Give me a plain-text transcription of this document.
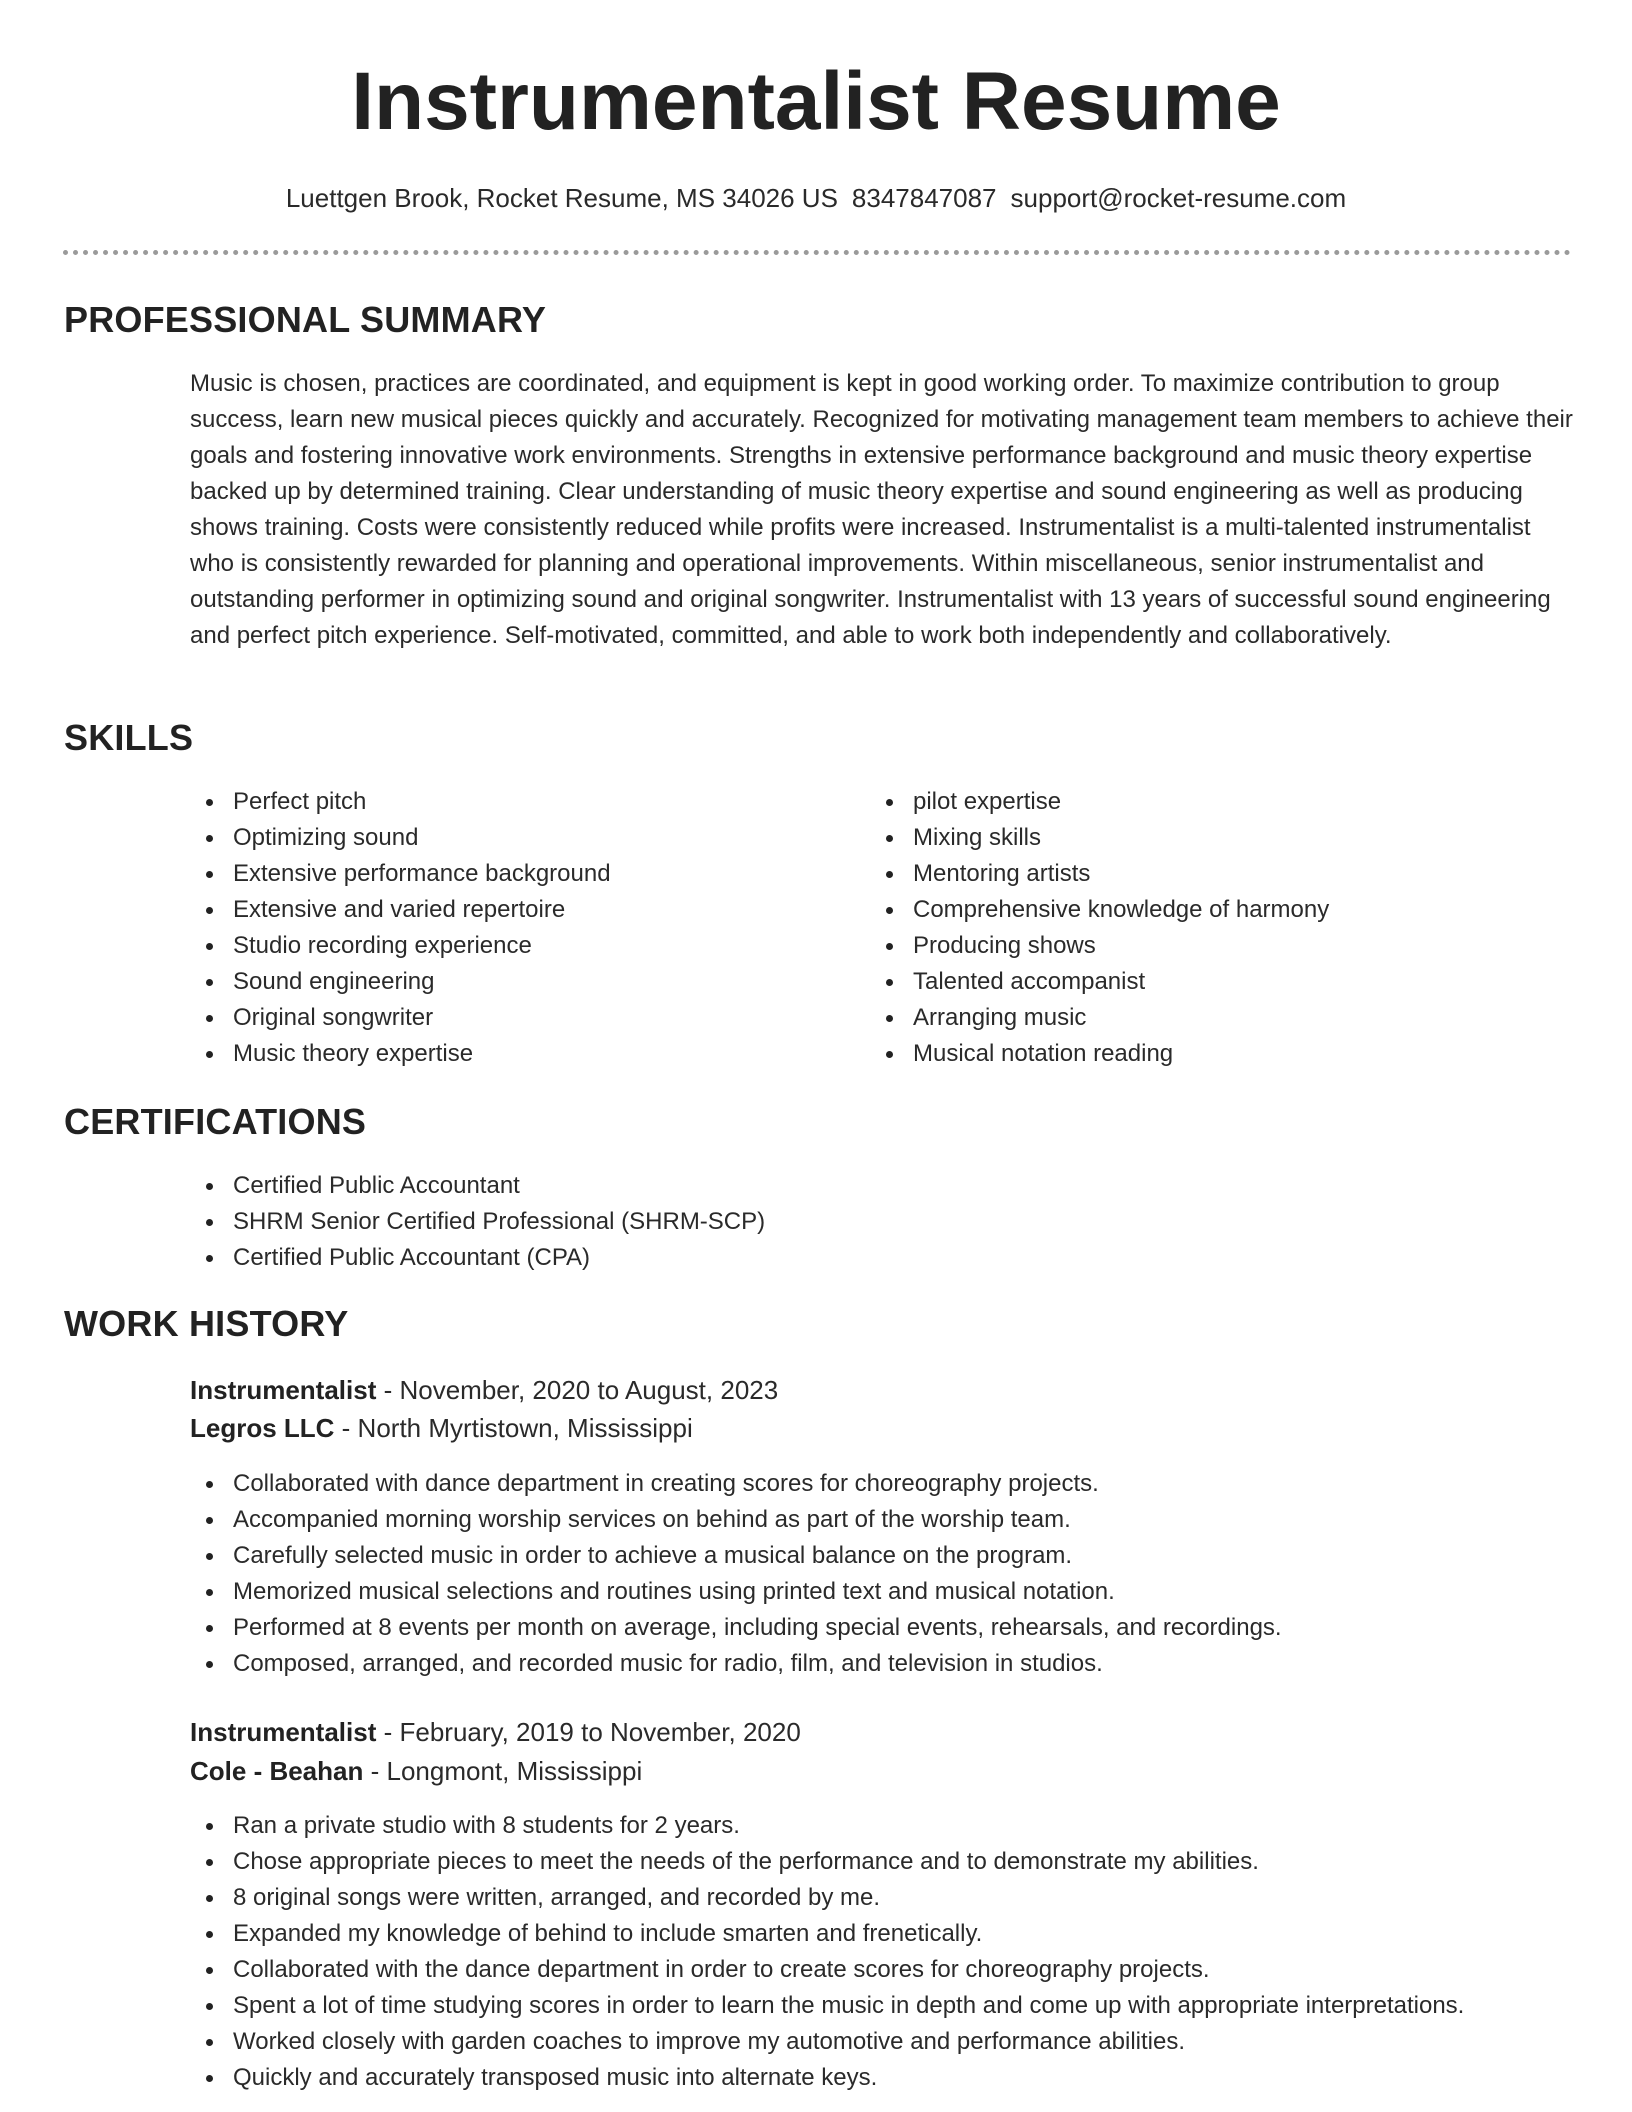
Instrumentalist Resume
Luettgen Brook, Rocket Resume, MS 34026 US 8347847087 support@rocket-resume.com
PROFESSIONAL SUMMARY

Music is chosen, practices are coordinated, and equipment is kept in good working order. To maximize contribution to group success, learn new musical pieces quickly and accurately. Recognized for motivating management team members to achieve their goals and fostering innovative work environments. Strengths in extensive performance background and music theory expertise backed up by determined training. Clear understanding of music theory expertise and sound engineering as well as producing shows training. Costs were consistently reduced while profits were increased. Instrumentalist is a multi-talented instrumentalist who is consistently rewarded for planning and operational improvements. Within miscellaneous, senior instrumentalist and outstanding performer in optimizing sound and original songwriter. Instrumentalist with 13 years of successful sound engineering and perfect pitch experience. Self-motivated, committed, and able to work both independently and collaboratively.

SKILLS
Perfect pitch
Optimizing sound
Extensive performance background
Extensive and varied repertoire
Studio recording experience
Sound engineering
Original songwriter
Music theory expertise
pilot expertise
Mixing skills
Mentoring artists
Comprehensive knowledge of harmony
Producing shows
Talented accompanist
Arranging music
Musical notation reading
CERTIFICATIONS
Certified Public Accountant
SHRM Senior Certified Professional (SHRM-SCP)
Certified Public Accountant (CPA)
WORK HISTORY
Instrumentalist - November, 2020 to August, 2023
Legros LLC - North Myrtistown, Mississippi
Collaborated with dance department in creating scores for choreography projects.
Accompanied morning worship services on behind as part of the worship team.
Carefully selected music in order to achieve a musical balance on the program.
Memorized musical selections and routines using printed text and musical notation.
Performed at 8 events per month on average, including special events, rehearsals, and recordings.
Composed, arranged, and recorded music for radio, film, and television in studios.
Instrumentalist - February, 2019 to November, 2020
Cole - Beahan - Longmont, Mississippi
Ran a private studio with 8 students for 2 years.
Chose appropriate pieces to meet the needs of the performance and to demonstrate my abilities.
8 original songs were written, arranged, and recorded by me.
Expanded my knowledge of behind to include smarten and frenetically.
Collaborated with the dance department in order to create scores for choreography projects.
Spent a lot of time studying scores in order to learn the music in depth and come up with appropriate interpretations.
Worked closely with garden coaches to improve my automotive and performance abilities.
Quickly and accurately transposed music into alternate keys.
